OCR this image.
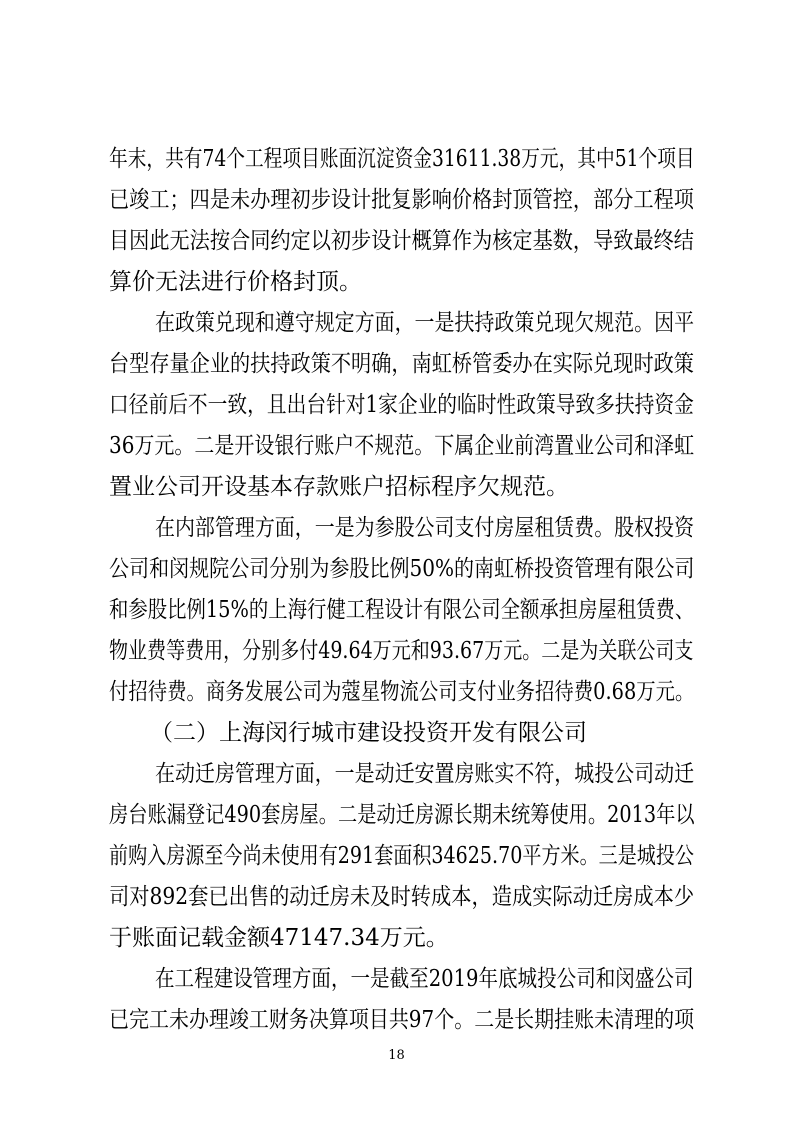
年末，共有74个工程项目账面沉淀资金31611.38万元，其中51个项目
已竣工；四是未办理初步设计批复影响价格封顶管控，部分工程项
目因此无法按合同约定以初步设计概算作为核定基数，导致最终结
算价无法进行价格封顶。
在政策兑现和遵守规定方面，一是扶持政策兑现欠规范。因平
台型存量企业的扶持政策不明确，南虹桥管委办在实际兑现时政策
口径前后不一致，且出台针对1家企业的临时性政策导致多扶持资金
36万元。二是开设银行账户不规范。下属企业前湾置业公司和泽虹
置业公司开设基本存款账户招标程序欠规范。
在内部管理方面，一是为参股公司支付房屋租赁费。股权投资
公司和闵规院公司分别为参股比例50%的南虹桥投资管理有限公司
和参股比例15%的上海行健工程设计有限公司全额承担房屋租赁费、
物业费等费用，分别多付49.64万元和93.67万元。二是为关联公司支
付招待费。商务发展公司为蔻星物流公司支付业务招待费0.68万元。
（二）上海闵行城市建设投资开发有限公司
在动迁房管理方面，一是动迁安置房账实不符，城投公司动迁
房台账漏登记490套房屋。二是动迁房源长期未统筹使用。2013年以
前购入房源至今尚未使用有291套面积34625.70平方米。三是城投公
司对892套已出售的动迁房未及时转成本，造成实际动迁房成本少
于账面记载金额47147.34万元。
在工程建设管理方面，一是截至2019年底城投公司和闵盛公司
已完工未办理竣工财务决算项目共97个。二是长期挂账未清理的项
18
